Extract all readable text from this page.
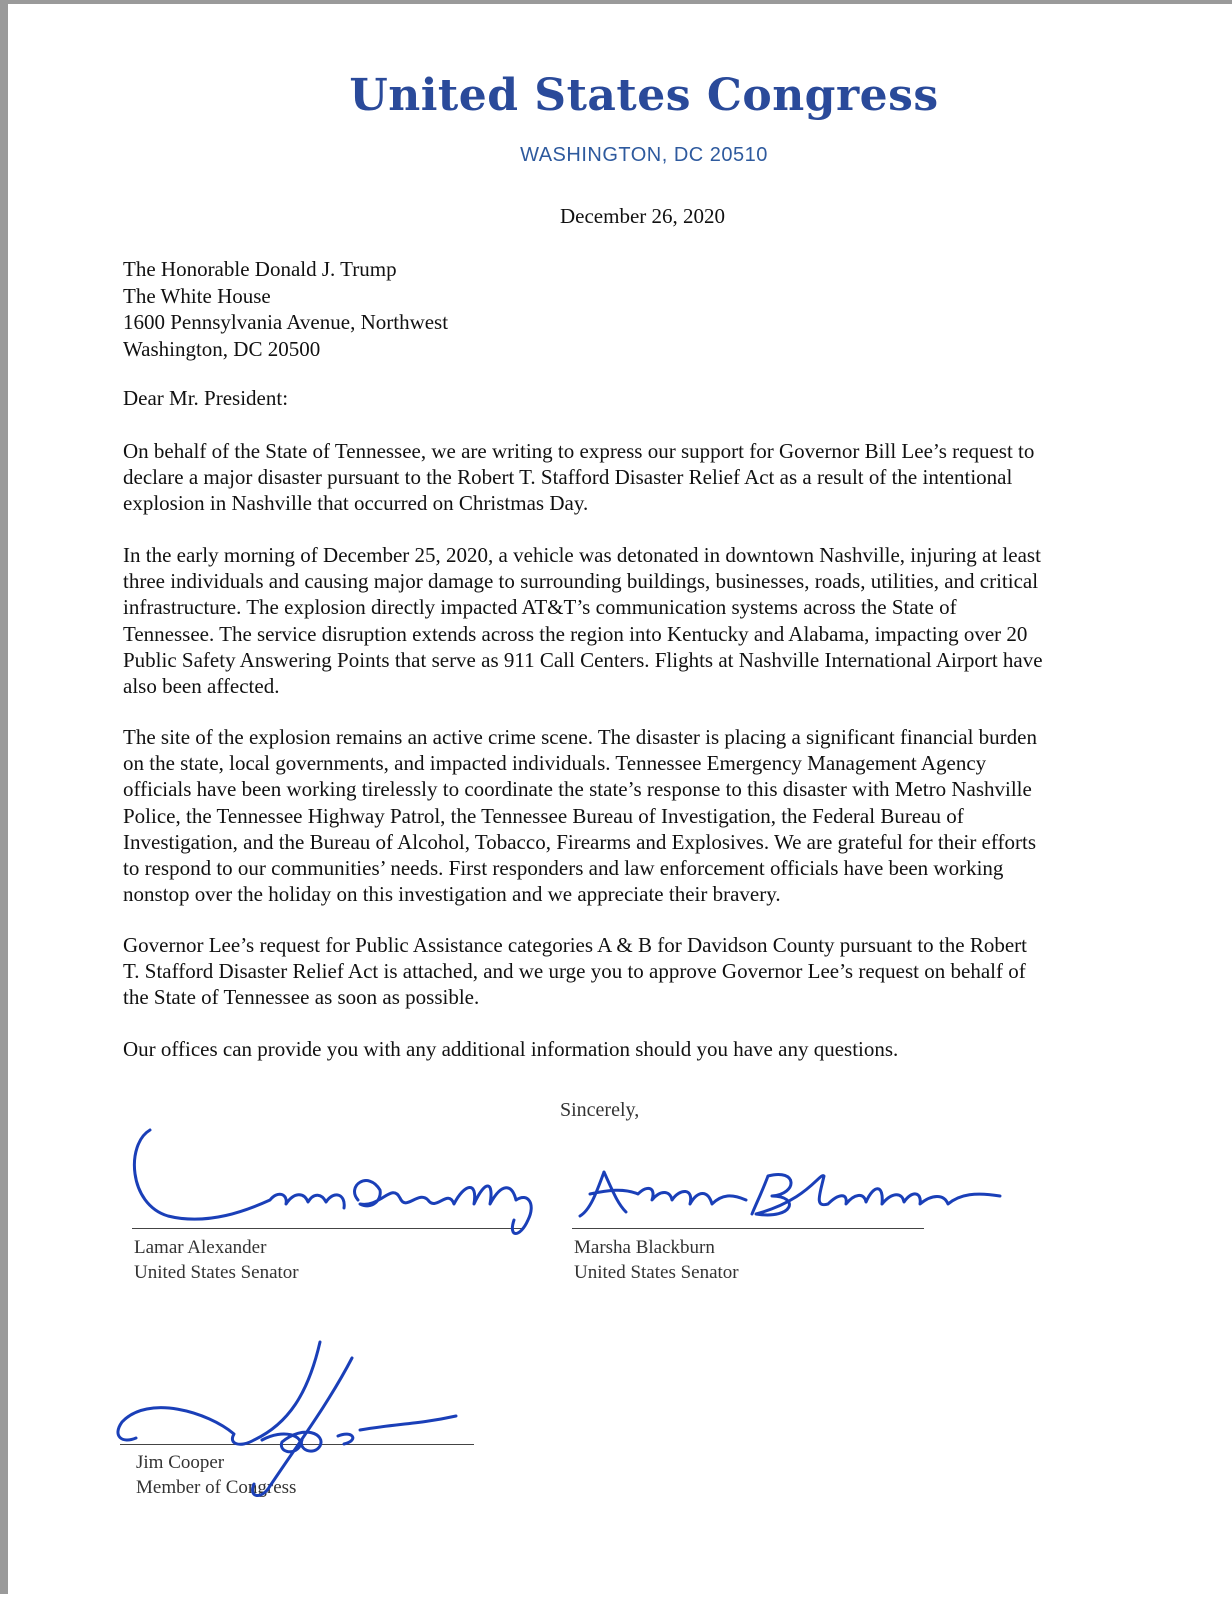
United States Congress
WASHINGTON, DC 20510
December 26, 2020
The Honorable Donald J. Trump
The White House
1600 Pennsylvania Avenue, Northwest
Washington, DC 20500
Dear Mr. President:
On behalf of the State of Tennessee, we are writing to express our support for Governor Bill Lee’s request to
declare a major disaster pursuant to the Robert T. Stafford Disaster Relief Act as a result of the intentional
explosion in Nashville that occurred on Christmas Day.
In the early morning of December 25, 2020, a vehicle was detonated in downtown Nashville, injuring at least
three individuals and causing major damage to surrounding buildings, businesses, roads, utilities, and critical
infrastructure. The explosion directly impacted AT&T’s communication systems across the State of
Tennessee. The service disruption extends across the region into Kentucky and Alabama, impacting over 20
Public Safety Answering Points that serve as 911 Call Centers. Flights at Nashville International Airport have
also been affected.
The site of the explosion remains an active crime scene. The disaster is placing a significant financial burden
on the state, local governments, and impacted individuals. Tennessee Emergency Management Agency
officials have been working tirelessly to coordinate the state’s response to this disaster with Metro Nashville
Police, the Tennessee Highway Patrol, the Tennessee Bureau of Investigation, the Federal Bureau of
Investigation, and the Bureau of Alcohol, Tobacco, Firearms and Explosives. We are grateful for their efforts
to respond to our communities’ needs. First responders and law enforcement officials have been working
nonstop over the holiday on this investigation and we appreciate their bravery.
Governor Lee’s request for Public Assistance categories A & B for Davidson County pursuant to the Robert
T. Stafford Disaster Relief Act is attached, and we urge you to approve Governor Lee’s request on behalf of
the State of Tennessee as soon as possible.
Our offices can provide you with any additional information should you have any questions.
Sincerely,
Lamar Alexander
United States Senator
Marsha Blackburn
United States Senator
Jim Cooper
Member of Congress
